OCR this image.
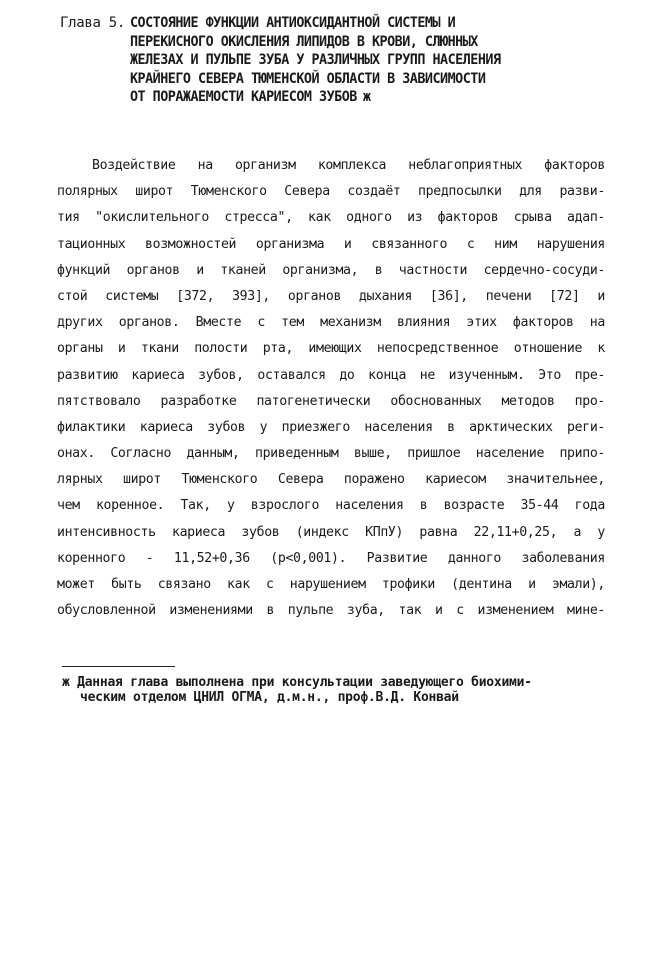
Глава 5. СОСТОЯНИЕ ФУНКЦИИ АНТИОКСИДАНТНОЙ СИСТЕМЫ И
ПЕРЕКИСНОГО ОКИСЛЕНИЯ ЛИПИДОВ В КРОВИ, СЛЮННЫХ
ЖЕЛЕЗАХ И ПУЛЬПЕ ЗУБА У РАЗЛИЧНЫХ ГРУПП НАСЕЛЕНИЯ
КРАЙНЕГО СЕВЕРА ТЮМЕНСКОЙ ОБЛАСТИ В ЗАВИСИМОСТИ
ОТ ПОРАЖАЕМОСТИ КАРИЕСОМ ЗУБОВ ж
Воздействие на организм комплекса неблагоприятных факторов
полярных широт Тюменского Севера создаёт предпосылки для разви-
тия "окислительного стресса", как одного из факторов срыва адап-
тационных возможностей организма и связанного с ним нарушения
функций органов и тканей организма, в частности сердечно-сосуди-
стой системы [372, 393], органов дыхания [36], печени [72] и
других органов. Вместе с тем механизм влияния этих факторов на
органы и ткани полости рта, имеющих непосредственное отношение к
развитию кариеса зубов, оставался до конца не изученным. Это пре-
пятствовало разработке патогенетически обоснованных методов про-
филактики кариеса зубов у приезжего населения в арктических реги-
онах. Согласно данным, приведенным выше, пришлое население припо-
лярных широт Тюменского Севера поражено кариесом значительнее,
чем коренное. Так, у взрослого населения в возрасте 35-44 года
интенсивность кариеса зубов (индекс КПпУ) равна 22,11+0,25, а у
коренного - 11,52+0,36 (р<0,001). Развитие данного заболевания
может быть связано как с нарушением трофики (дентина и эмали),
обусловленной изменениями в пульпе зуба, так и с изменением мине-
ж Данная глава выполнена при консультации заведующего биохими-
ческим отделом ЦНИЛ ОГМА, д.м.н., проф.В.Д. Конвай
